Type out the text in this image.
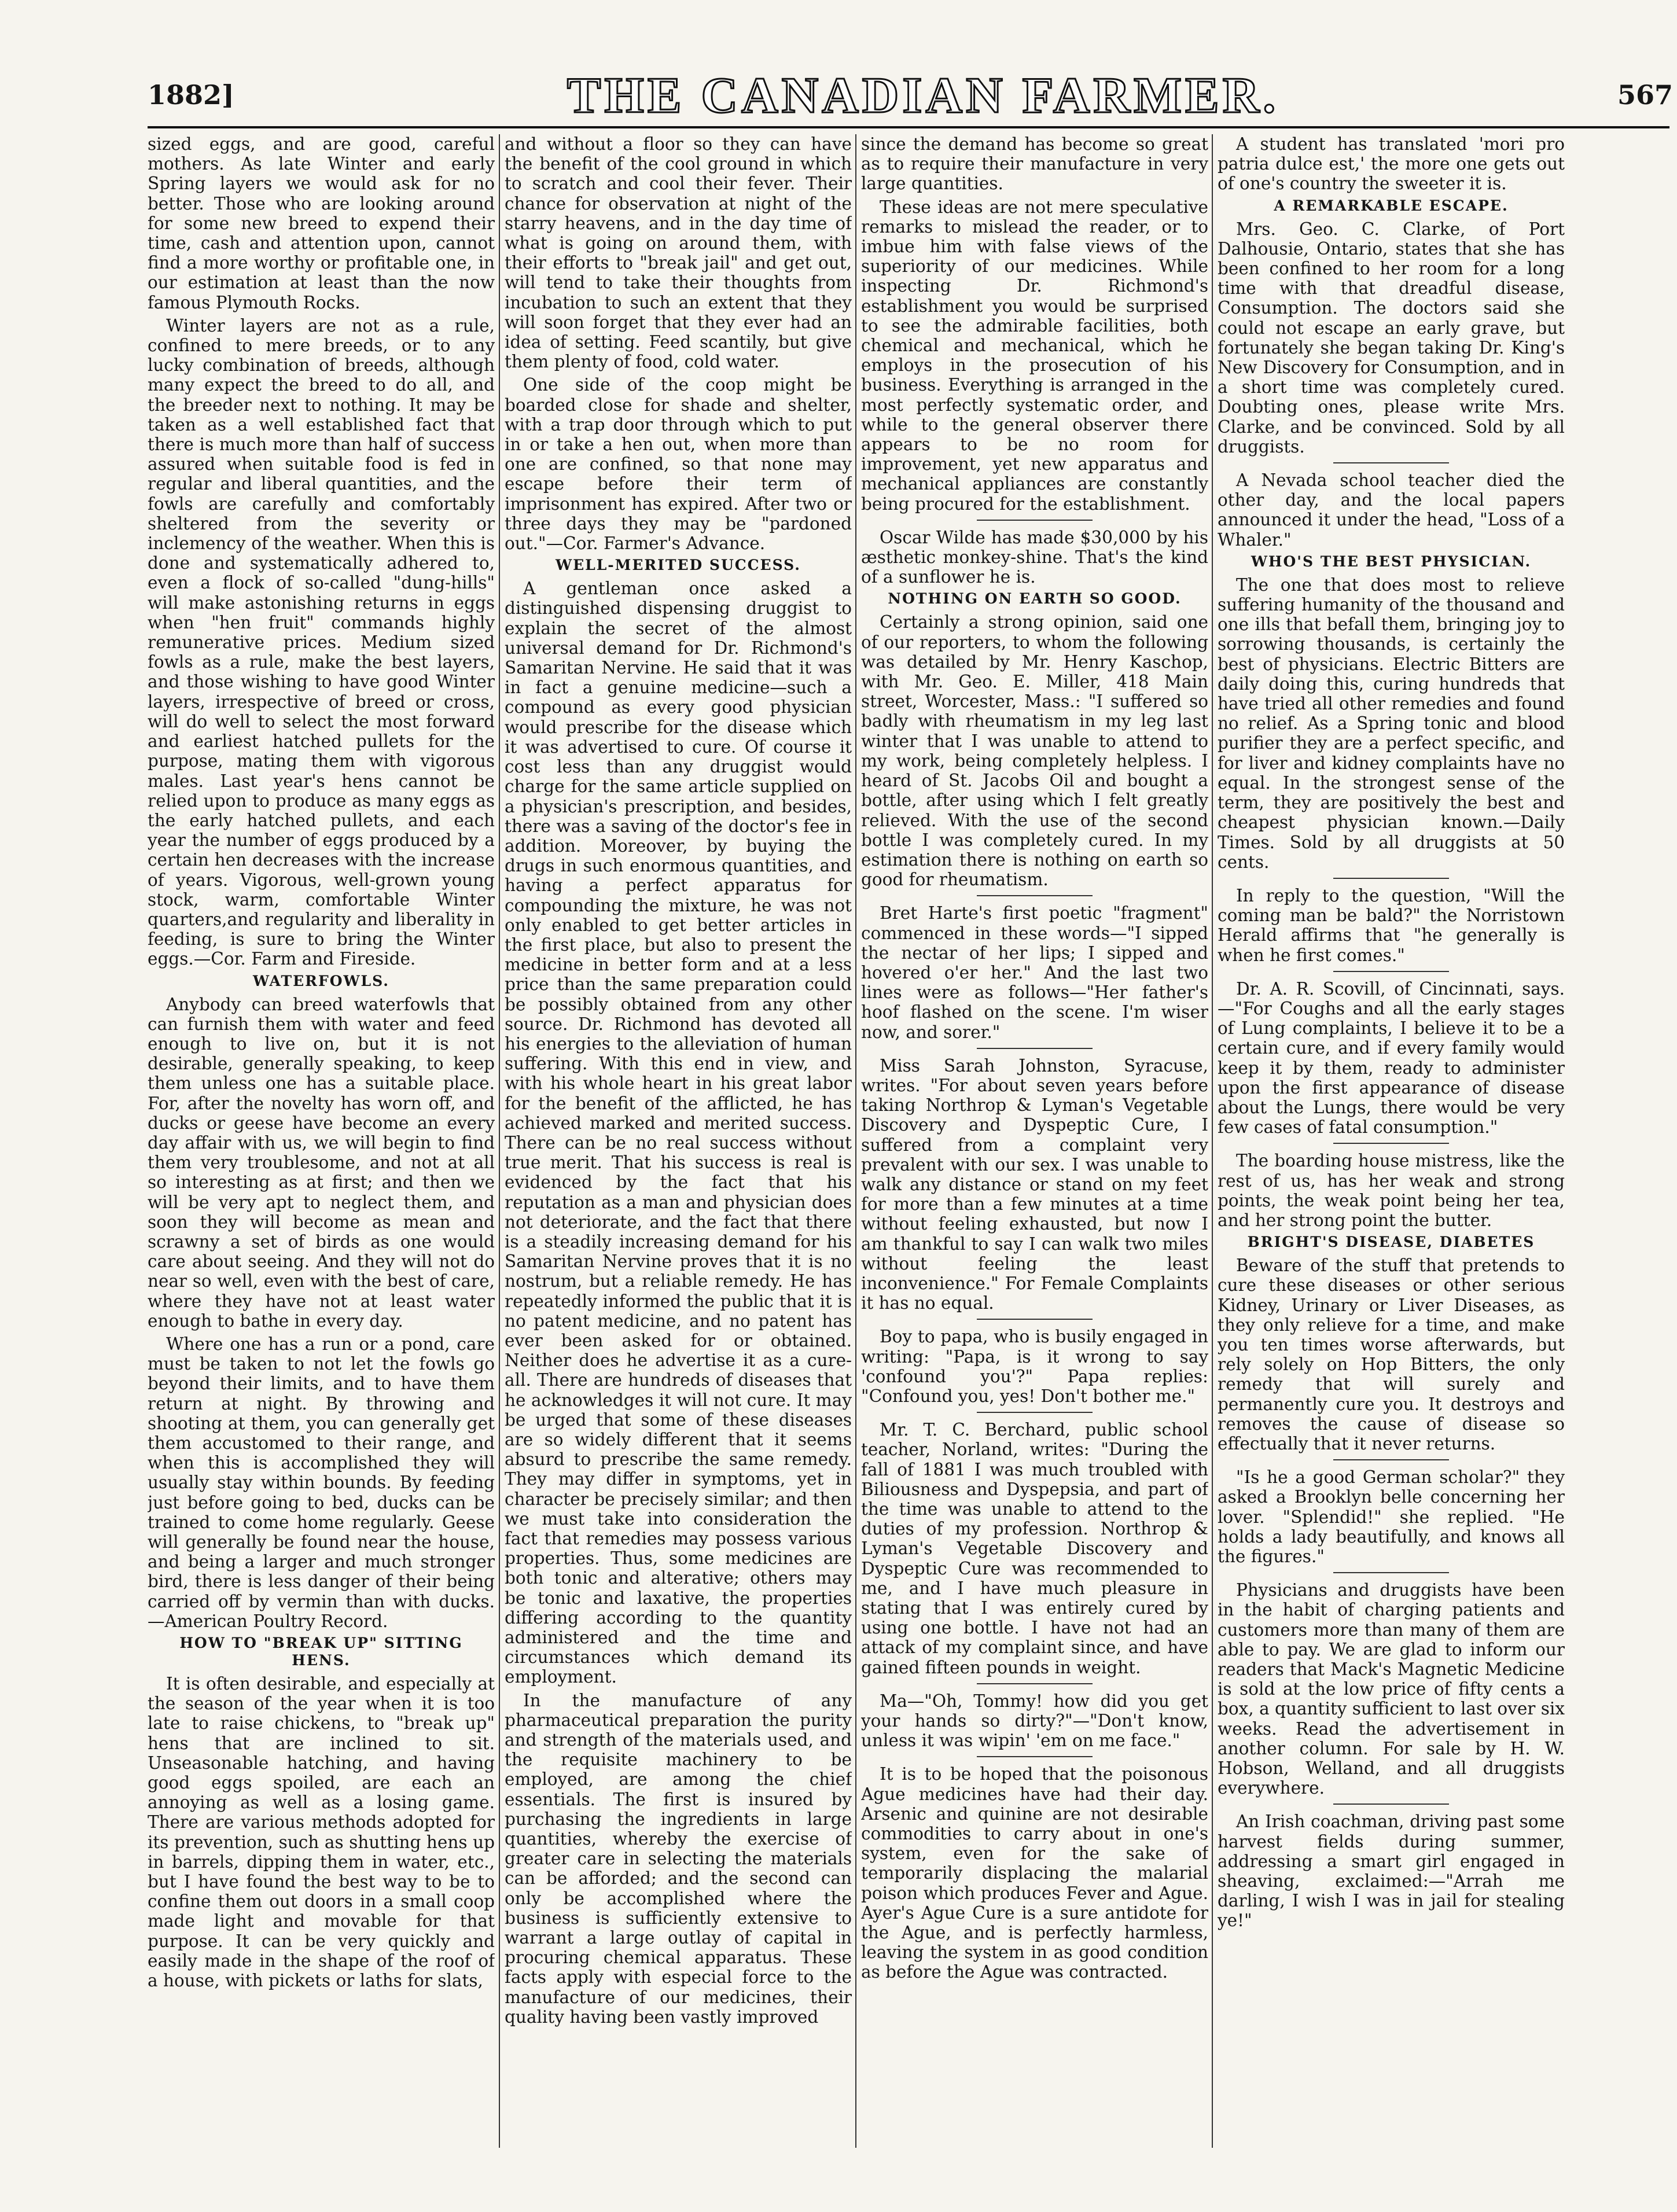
1882]	THE CANADIAN FARMER.	567

sized eggs, and are good, careful mothers. As late Winter and early Spring layers we would ask for no better. Those who are looking around for some new breed to expend their time, cash and attention upon, cannot find a more worthy or profitable one, in our estimation at least than the now famous Plymouth Rocks.

Winter layers are not as a rule, confined to mere breeds, or to any lucky combination of breeds, although many expect the breed to do all, and the breeder next to nothing. It may be taken as a well established fact that there is much more than half of success assured when suitable food is fed in regular and liberal quantities, and the fowls are carefully and comfortably sheltered from the severity or inclemency of the weather. When this is done and systematically adhered to, even a flock of so-called "dung-hills" will make astonishing returns in eggs when "hen fruit" commands highly remunerative prices. Medium sized fowls as a rule, make the best layers, and those wishing to have good Winter layers, irrespective of breed or cross, will do well to select the most forward and earliest hatched pullets for the purpose, mating them with vigorous males. Last year's hens cannot be relied upon to produce as many eggs as the early hatched pullets, and each year the number of eggs produced by a certain hen decreases with the increase of years. Vigorous, well-grown young stock, warm, comfortable Winter quarters,and regularity and liberality in feeding, is sure to bring the Winter eggs.—Cor. Farm and Fireside.

WATERFOWLS.

Anybody can breed waterfowls that can furnish them with water and feed enough to live on, but it is not desirable, generally speaking, to keep them unless one has a suitable place. For, after the novelty has worn off, and ducks or geese have become an every day affair with us, we will begin to find them very troublesome, and not at all so interesting as at first; and then we will be very apt to neglect them, and soon they will become as mean and scrawny a set of birds as one would care about seeing. And they will not do near so well, even with the best of care, where they have not at least water enough to bathe in every day.

Where one has a run or a pond, care must be taken to not let the fowls go beyond their limits, and to have them return at night. By throwing and shooting at them, you can generally get them accustomed to their range, and when this is accomplished they will usually stay within bounds. By feeding just before going to bed, ducks can be trained to come home regularly. Geese will generally be found near the house, and being a larger and much stronger bird, there is less danger of their being carried off by vermin than with ducks.—American Poultry Record.

HOW TO "BREAK UP" SITTING HENS.

It is often desirable, and especially at the season of the year when it is too late to raise chickens, to "break up" hens that are inclined to sit. Unseasonable hatching, and having good eggs spoiled, are each an annoying as well as a losing game. There are various methods adopted for its prevention, such as shutting hens up in barrels, dipping them in water, etc., but I have found the best way to be to confine them out doors in a small coop made light and movable for that purpose. It can be very quickly and easily made in the shape of the roof of a house, with pickets or laths for slats,

and without a floor so they can have the benefit of the cool ground in which to scratch and cool their fever. Their chance for observation at night of the starry heavens, and in the day time of what is going on around them, with their efforts to "break jail" and get out, will tend to take their thoughts from incubation to such an extent that they will soon forget that they ever had an idea of setting. Feed scantily, but give them plenty of food, cold water.

One side of the coop might be boarded close for shade and shelter, with a trap door through which to put in or take a hen out, when more than one are confined, so that none may escape before their term of imprisonment has expired. After two or three days they may be "pardoned out."—Cor. Farmer's Advance.

WELL-MERITED SUCCESS.

A gentleman once asked a distinguished dispensing druggist to explain the secret of the almost universal demand for Dr. Richmond's Samaritan Nervine. He said that it was in fact a genuine medicine—such a compound as every good physician would prescribe for the disease which it was advertised to cure. Of course it cost less than any druggist would charge for the same article supplied on a physician's prescription, and besides, there was a saving of the doctor's fee in addition. Moreover, by buying the drugs in such enormous quantities, and having a perfect apparatus for compounding the mixture, he was not only enabled to get better articles in the first place, but also to present the medicine in better form and at a less price than the same preparation could be possibly obtained from any other source. Dr. Richmond has devoted all his energies to the alleviation of human suffering. With this end in view, and with his whole heart in his great labor for the benefit of the afflicted, he has achieved marked and merited success. There can be no real success without true merit. That his success is real is evidenced by the fact that his reputation as a man and physician does not deteriorate, and the fact that there is a steadily increasing demand for his Samaritan Nervine proves that it is no nostrum, but a reliable remedy. He has repeatedly informed the public that it is no patent medicine, and no patent has ever been asked for or obtained. Neither does he advertise it as a cure-all. There are hundreds of diseases that he acknowledges it will not cure. It may be urged that some of these diseases are so widely different that it seems absurd to prescribe the same remedy. They may differ in symptoms, yet in character be precisely similar; and then we must take into consideration the fact that remedies may possess various properties. Thus, some medicines are both tonic and alterative; others may be tonic and laxative, the properties differing according to the quantity administered and the time and circumstances which demand its employment.

In the manufacture of any pharmaceutical preparation the purity and strength of the materials used, and the requisite machinery to be employed, are among the chief essentials. The first is insured by purchasing the ingredients in large quantities, whereby the exercise of greater care in selecting the materials can be afforded; and the second can only be accomplished where the business is sufficiently extensive to warrant a large outlay of capital in procuring chemical apparatus. These facts apply with especial force to the manufacture of our medicines, their quality having been vastly improved

since the demand has become so great as to require their manufacture in very large quantities.

These ideas are not mere speculative remarks to mislead the reader, or to imbue him with false views of the superiority of our medicines. While inspecting Dr. Richmond's establishment you would be surprised to see the admirable facilities, both chemical and mechanical, which he employs in the prosecution of his business. Everything is arranged in the most perfectly systematic order, and while to the general observer there appears to be no room for improvement, yet new apparatus and mechanical appliances are constantly being procured for the establishment.

Oscar Wilde has made $30,000 by his æsthetic monkey-shine. That's the kind of a sunflower he is.

NOTHING ON EARTH SO GOOD.

Certainly a strong opinion, said one of our reporters, to whom the following was detailed by Mr. Henry Kaschop, with Mr. Geo. E. Miller, 418 Main street, Worcester, Mass.: "I suffered so badly with rheumatism in my leg last winter that I was unable to attend to my work, being completely helpless. I heard of St. Jacobs Oil and bought a bottle, after using which I felt greatly relieved. With the use of the second bottle I was completely cured. In my estimation there is nothing on earth so good for rheumatism.

Bret Harte's first poetic "fragment" commenced in these words—"I sipped the nectar of her lips; I sipped and hovered o'er her." And the last two lines were as follows—"Her father's hoof flashed on the scene. I'm wiser now, and sorer."

Miss Sarah Johnston, Syracuse, writes. "For about seven years before taking Northrop & Lyman's Vegetable Discovery and Dyspeptic Cure, I suffered from a complaint very prevalent with our sex. I was unable to walk any distance or stand on my feet for more than a few minutes at a time without feeling exhausted, but now I am thankful to say I can walk two miles without feeling the least inconvenience." For Female Complaints it has no equal.

Boy to papa, who is busily engaged in writing: "Papa, is it wrong to say 'confound you'?" Papa replies: "Confound you, yes! Don't bother me."

Mr. T. C. Berchard, public school teacher, Norland, writes: "During the fall of 1881 I was much troubled with Biliousness and Dyspepsia, and part of the time was unable to attend to the duties of my profession. Northrop & Lyman's Vegetable Discovery and Dyspeptic Cure was recommended to me, and I have much pleasure in stating that I was entirely cured by using one bottle. I have not had an attack of my complaint since, and have gained fifteen pounds in weight.

Ma—"Oh, Tommy! how did you get your hands so dirty?"—"Don't know, unless it was wipin' 'em on me face."

It is to be hoped that the poisonous Ague medicines have had their day. Arsenic and quinine are not desirable commodities to carry about in one's system, even for the sake of temporarily displacing the malarial poison which produces Fever and Ague. Ayer's Ague Cure is a sure antidote for the Ague, and is perfectly harmless, leaving the system in as good condition as before the Ague was contracted.

A student has translated 'mori pro patria dulce est,' the more one gets out of one's country the sweeter it is.

A REMARKABLE ESCAPE.

Mrs. Geo. C. Clarke, of Port Dalhousie, Ontario, states that she has been confined to her room for a long time with that dreadful disease, Consumption. The doctors said she could not escape an early grave, but fortunately she began taking Dr. King's New Discovery for Consumption, and in a short time was completely cured. Doubting ones, please write Mrs. Clarke, and be convinced. Sold by all druggists.

A Nevada school teacher died the other day, and the local papers announced it under the head, "Loss of a Whaler."

WHO'S THE BEST PHYSICIAN.

The one that does most to relieve suffering humanity of the thousand and one ills that befall them, bringing joy to sorrowing thousands, is certainly the best of physicians. Electric Bitters are daily doing this, curing hundreds that have tried all other remedies and found no relief. As a Spring tonic and blood purifier they are a perfect specific, and for liver and kidney complaints have no equal. In the strongest sense of the term, they are positively the best and cheapest physician known.—Daily Times. Sold by all druggists at 50 cents.

In reply to the question, "Will the coming man be bald?" the Norristown Herald affirms that "he generally is when he first comes."

Dr. A. R. Scovill, of Cincinnati, says.—"For Coughs and all the early stages of Lung complaints, I believe it to be a certain cure, and if every family would keep it by them, ready to administer upon the first appearance of disease about the Lungs, there would be very few cases of fatal consumption."

The boarding house mistress, like the rest of us, has her weak and strong points, the weak point being her tea, and her strong point the butter.

BRIGHT'S DISEASE, DIABETES

Beware of the stuff that pretends to cure these diseases or other serious Kidney, Urinary or Liver Diseases, as they only relieve for a time, and make you ten times worse afterwards, but rely solely on Hop Bitters, the only remedy that will surely and permanently cure you. It destroys and removes the cause of disease so effectually that it never returns.

"Is he a good German scholar?" they asked a Brooklyn belle concerning her lover. "Splendid!" she replied. "He holds a lady beautifully, and knows all the figures."

Physicians and druggists have been in the habit of charging patients and customers more than many of them are able to pay. We are glad to inform our readers that Mack's Magnetic Medicine is sold at the low price of fifty cents a box, a quantity sufficient to last over six weeks. Read the advertisement in another column. For sale by H. W. Hobson, Welland, and all druggists everywhere.

An Irish coachman, driving past some harvest fields during summer, addressing a smart girl engaged in sheaving, exclaimed:—"Arrah me darling, I wish I was in jail for stealing ye!"
